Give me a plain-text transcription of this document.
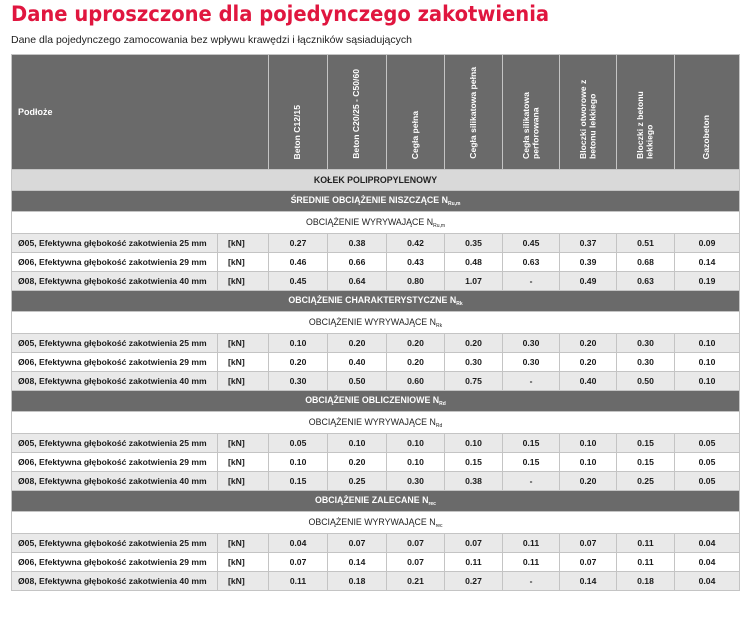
Dane uproszczone dla pojedynczego zakotwienia
Dane dla pojedynczego zamocowania bez wpływu krawędzi i łączników sąsiadujących
Podłoże		Beton C12/15	Beton C20/25 - C50/60	Cegła pełna	Cegła silikatowa pełna	Cegła silikatowa perforowana	Bloczki otworowe z betonu lekkiego	Bloczki z betonu lekkiego	Gazobeton
KOŁEK POLIPROPYLENOWY									
ŚREDNIE OBCIĄŻENIE NISZCZĄCE $N_{Ru,m}$
OBCIĄŻENIE WYRYWAJĄCE $N_{Ru,m}$
Ø05, Efektywna głębokość zakotwienia 25 mm	[kN]	0.27	0.38	0.42	0.35	0.45	0.37	0.51	0.09
Ø06, Efektywna głębokość zakotwienia 29 mm	[kN]	0.46	0.66	0.43	0.48	0.63	0.39	0.68	0.14
Ø08, Efektywna głębokość zakotwienia 40 mm	[kN]	0.45	0.64	0.80	1.07	-	0.49	0.63	0.19
OBCIĄŻENIE CHARAKTERYSTYCZNE $N_{Rk}$
OBCIĄŻENIE WYRYWAJĄCE $N_{Rk}$
Ø05, Efektywna głębokość zakotwienia 25 mm	[kN]	0.10	0.20	0.20	0.20	0.30	0.20	0.30	0.10
Ø06, Efektywna głębokość zakotwienia 29 mm	[kN]	0.20	0.40	0.20	0.30	0.30	0.20	0.30	0.10
Ø08, Efektywna głębokość zakotwienia 40 mm	[kN]	0.30	0.50	0.60	0.75	-	0.40	0.50	0.10
OBCIĄŻENIE OBLICZENIOWE $N_{Rd}$
OBCIĄŻENIE WYRYWAJĄCE $N_{Rd}$
Ø05, Efektywna głębokość zakotwienia 25 mm	[kN]	0.05	0.10	0.10	0.10	0.15	0.10	0.15	0.05
Ø06, Efektywna głębokość zakotwienia 29 mm	[kN]	0.10	0.20	0.10	0.15	0.15	0.10	0.15	0.05
Ø08, Efektywna głębokość zakotwienia 40 mm	[kN]	0.15	0.25	0.30	0.38	-	0.20	0.25	0.05
OBCIĄŻENIE ZALECANE $N_{rec}$
OBCIĄŻENIE WYRYWAJĄCE $N_{rec}$
Ø05, Efektywna głębokość zakotwienia 25 mm	[kN]	0.04	0.07	0.07	0.07	0.11	0.07	0.11	0.04
Ø06, Efektywna głębokość zakotwienia 29 mm	[kN]	0.07	0.14	0.07	0.11	0.11	0.07	0.11	0.04
Ø08, Efektywna głębokość zakotwienia 40 mm	[kN]	0.11	0.18	0.21	0.27	-	0.14	0.18	0.04
